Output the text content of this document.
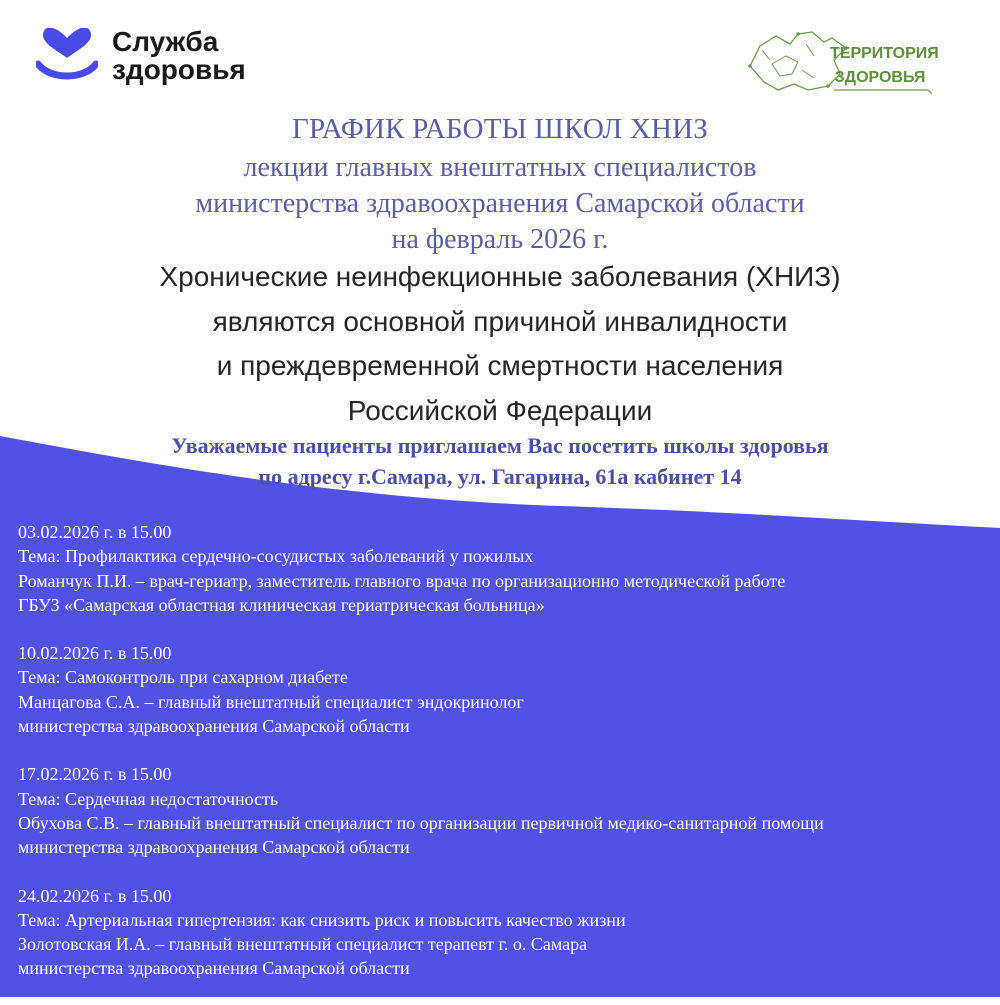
Служба
здоровья
ТЕРРИТОРИЯ
ЗДОРОВЬЯ
ГРАФИК РАБОТЫ ШКОЛ ХНИЗ
лекции главных внештатных специалистов
министерства здравоохранения Самарской области
на февраль 2026 г.
Хронические неинфекционные заболевания (ХНИЗ)
являются основной причиной инвалидности
и преждевременной смертности населения
Российской Федерации
Уважаемые пациенты приглашаем Вас посетить школы здоровья
по адресу г.Самара, ул. Гагарина, 61а кабинет 14
03.02.2026 г. в 15.00
Тема: Профилактика сердечно-сосудистых заболеваний у пожилых
Романчук П.И. – врач-гериатр, заместитель главного врача по организационно методической работе
ГБУЗ «Самарская областная клиническая гериатрическая больница»
10.02.2026 г. в 15.00
Тема: Самоконтроль при сахарном диабете
Манцагова С.А. – главный внештатный специалист эндокринолог
министерства здравоохранения Самарской области
17.02.2026 г. в 15.00
Тема: Сердечная недостаточность
Обухова С.В. – главный внештатный специалист по организации первичной медико-санитарной помощи
министерства здравоохранения Самарской области
24.02.2026 г. в 15.00
Тема: Артериальная гипертензия: как снизить риск и повысить качество жизни
Золотовская И.А. – главный внештатный специалист терапевт г. о. Самара
министерства здравоохранения Самарской области
